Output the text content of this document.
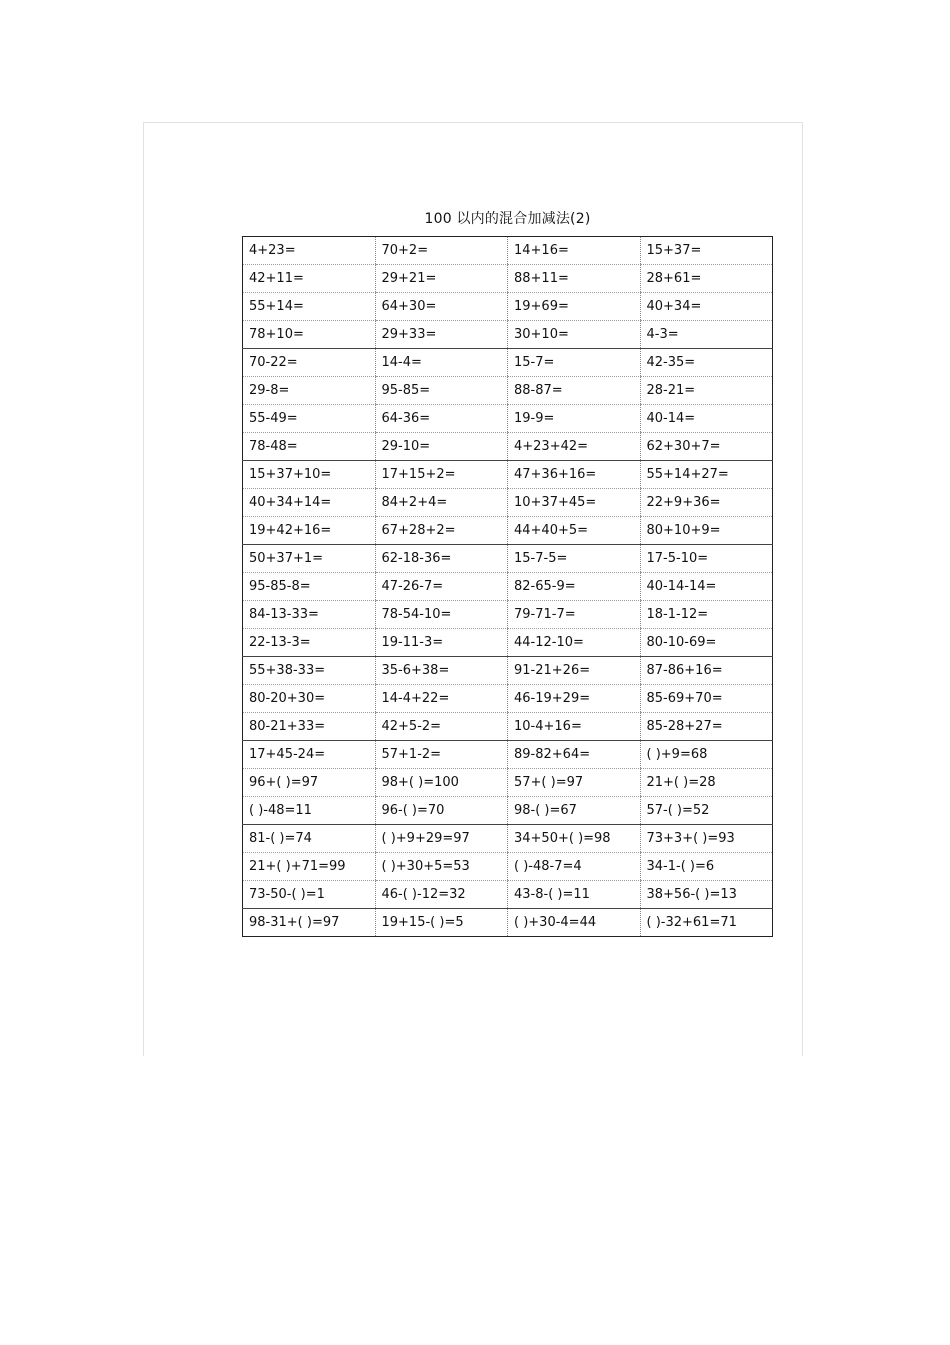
100 以内的混合加减法(2)
4+23=	70+2=	14+16=	15+37=
42+11=	29+21=	88+11=	28+61=
55+14=	64+30=	19+69=	40+34=
78+10=	29+33=	30+10=	4-3=
70-22=	14-4=	15-7=	42-35=
29-8=	95-85=	88-87=	28-21=
55-49=	64-36=	19-9=	40-14=
78-48=	29-10=	4+23+42=	62+30+7=
15+37+10=	17+15+2=	47+36+16=	55+14+27=
40+34+14=	84+2+4=	10+37+45=	22+9+36=
19+42+16=	67+28+2=	44+40+5=	80+10+9=
50+37+1=	62-18-36=	15-7-5=	17-5-10=
95-85-8=	47-26-7=	82-65-9=	40-14-14=
84-13-33=	78-54-10=	79-71-7=	18-1-12=
22-13-3=	19-11-3=	44-12-10=	80-10-69=
55+38-33=	35-6+38=	91-21+26=	87-86+16=
80-20+30=	14-4+22=	46-19+29=	85-69+70=
80-21+33=	42+5-2=	10-4+16=	85-28+27=
17+45-24=	57+1-2=	89-82+64=	( )+9=68
96+( )=97	98+( )=100	57+( )=97	21+( )=28
( )-48=11	96-( )=70	98-( )=67	57-( )=52
81-( )=74	( )+9+29=97	34+50+( )=98	73+3+( )=93
21+( )+71=99	( )+30+5=53	( )-48-7=4	34-1-( )=6
73-50-( )=1	46-( )-12=32	43-8-( )=11	38+56-( )=13
98-31+( )=97	19+15-( )=5	( )+30-4=44	( )-32+61=71
